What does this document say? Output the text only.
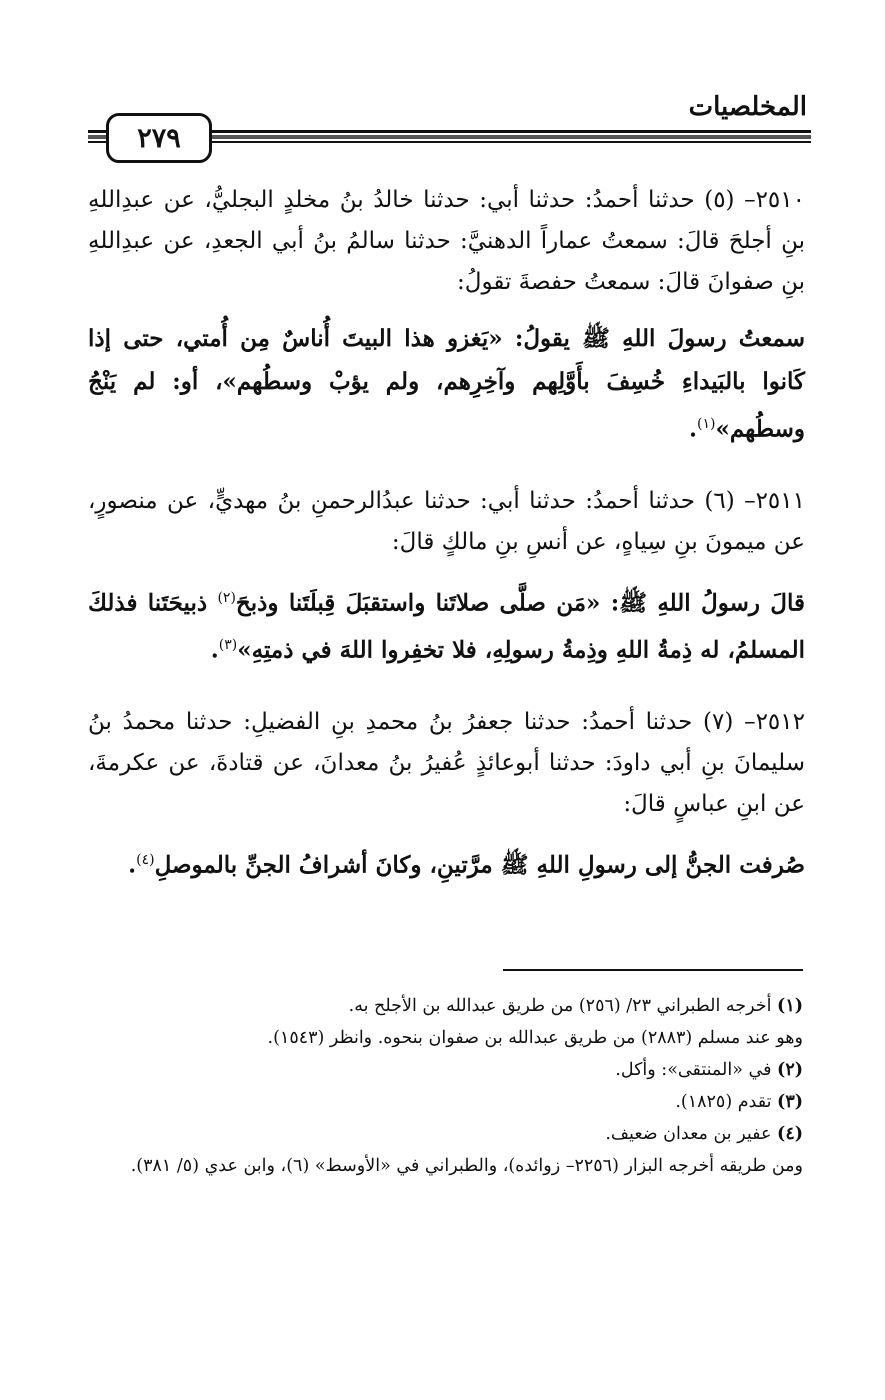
المخلصيات
٢٧٩
٢٥١٠– (٥) حدثنا أحمدُ: حدثنا أبي: حدثنا خالدُ بنُ مخلدٍ البجليُّ، عن عبدِاللهِ بنِ أجلحَ قالَ: سمعتُ عماراً الدهنيَّ: حدثنا سالمُ بنُ أبي الجعدِ، عن عبدِاللهِ بنِ صفوانَ قالَ: سمعتُ حفصةَ تقولُ:
سمعتُ رسولَ اللهِ ﷺ يقولُ: «يَغزو هذا البيتَ أُناسٌ مِن أُمتي، حتى إذا كَانوا بالبَيداءِ خُسِفَ بأَوَّلِهم وآخِرِهم، ولم يؤبْ وسطُهم»، أو: لم يَنْجُ وسطُهم»$^{(١)}$.
٢٥١١– (٦) حدثنا أحمدُ: حدثنا أبي: حدثنا عبدُالرحمنِ بنُ مهديٍّ، عن منصورٍ، عن ميمونَ بنِ سِياهٍ، عن أنسِ بنِ مالكٍ قالَ:
قالَ رسولُ اللهِ ﷺ: «مَن صلَّى صلاتَنا واستقبَلَ قِبلَتَنا وذبحَ$^{(٢)}$ ذبيحَتَنا فذلكَ المسلمُ، له ذِمةُ اللهِ وذِمةُ رسولِهِ، فلا تخفِروا اللهَ في ذمتِهِ»$^{(٣)}$.
٢٥١٢– (٧) حدثنا أحمدُ: حدثنا جعفرُ بنُ محمدِ بنِ الفضيلِ: حدثنا محمدُ بنُ سليمانَ بنِ أبي داودَ: حدثنا أبوعائذٍ عُفيرُ بنُ معدانَ، عن قتادةَ، عن عكرمةَ، عن ابنِ عباسٍ قالَ:
صُرفت الجنُّ إلى رسولِ اللهِ ﷺ مرَّتينِ، وكانَ أشرافُ الجنِّ بالموصلِ$^{(٤)}$.
(١) أخرجه الطبراني ٢٣/ (٢٥٦) من طريق عبدالله بن الأجلح به.
وهو عند مسلم (٢٨٨٣) من طريق عبدالله بن صفوان بنحوه. وانظر (١٥٤٣).
(٢) في «المنتقى»: وأكل.
(٣) تقدم (١٨٢٥).
(٤) عفير بن معدان ضعيف.
ومن طريقه أخرجه البزار (٢٢٥٦– زوائده)، والطبراني في «الأوسط» (٦)، وابن عدي (٥/ ٣٨١).
